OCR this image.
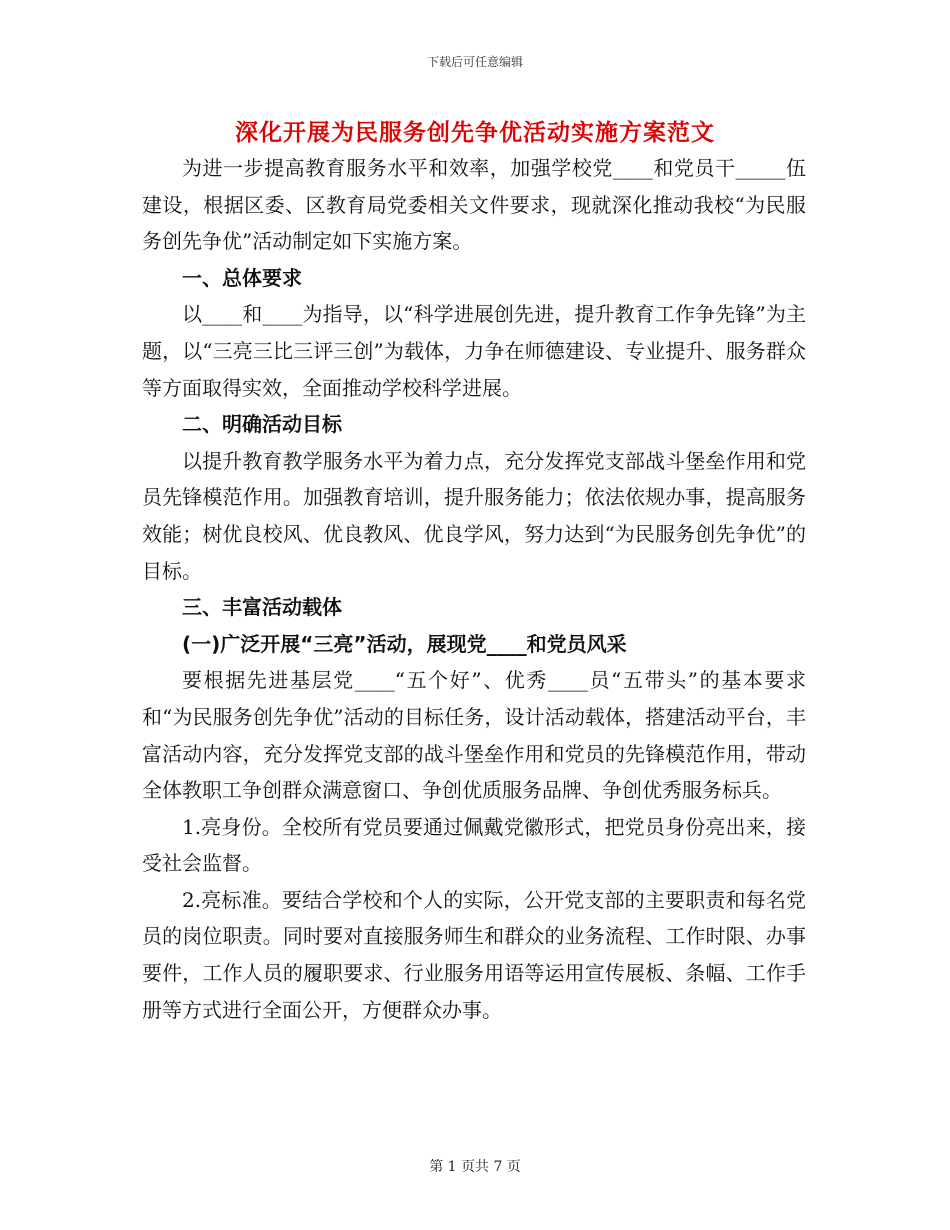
下载后可任意编辑
深化开展为民服务创先争优活动实施方案范文

为进一步提高教育服务水平和效率，加强学校党____和党员干_____伍建设，根据区委、区教育局党委相关文件要求，现就深化推动我校“为民服务创先争优”活动制定如下实施方案。

一、总体要求

以____和____为指导，以“科学进展创先进，提升教育工作争先锋”为主题，以“三亮三比三评三创”为载体，力争在师德建设、专业提升、服务群众等方面取得实效，全面推动学校科学进展。

二、明确活动目标

以提升教育教学服务水平为着力点，充分发挥党支部战斗堡垒作用和党员先锋模范作用。加强教育培训，提升服务能力；依法依规办事，提高服务效能；树优良校风、优良教风、优良学风，努力达到“为民服务创先争优”的目标。

三、丰富活动载体

(一)广泛开展“三亮”活动，展现党____和党员风采

要根据先进基层党____“五个好”、优秀____员“五带头”的基本要求和“为民服务创先争优”活动的目标任务，设计活动载体，搭建活动平台，丰富活动内容，充分发挥党支部的战斗堡垒作用和党员的先锋模范作用，带动全体教职工争创群众满意窗口、争创优质服务品牌、争创优秀服务标兵。

1.亮身份。全校所有党员要通过佩戴党徽形式，把党员身份亮出来，接受社会监督。

2.亮标准。要结合学校和个人的实际，公开党支部的主要职责和每名党员的岗位职责。同时要对直接服务师生和群众的业务流程、工作时限、办事要件，工作人员的履职要求、行业服务用语等运用宣传展板、条幅、工作手册等方式进行全面公开，方便群众办事。

第 1 页共 7 页
